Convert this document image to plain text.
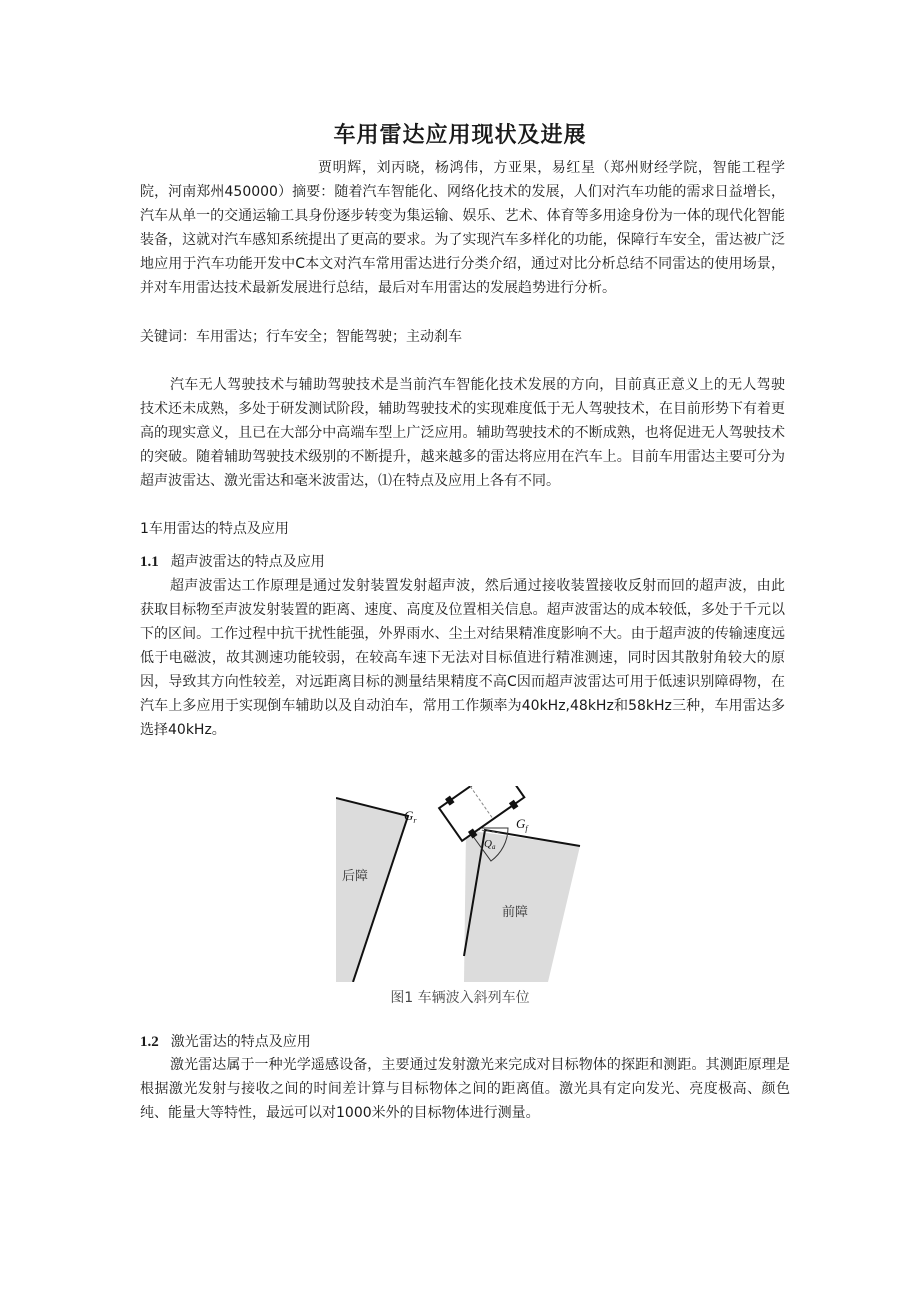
车用雷达应用现状及进展
贾明辉，刘丙晓，杨鸿伟，方亚果，易红星（郑州财经学院，智能工程学院，河南郑州450000）摘要：随着汽车智能化、网络化技术的发展，人们对汽车功能的需求日益增长，汽车从单一的交通运输工具身份逐步转变为集运输、娱乐、艺术、体育等多用途身份为一体的现代化智能装备，这就对汽车感知系统提出了更高的要求。为了实现汽车多样化的功能，保障行车安全，雷达被广泛地应用于汽车功能开发中C本文对汽车常用雷达进行分类介绍，通过对比分析总结不同雷达的使用场景，并对车用雷达技术最新发展进行总结，最后对车用雷达的发展趋势进行分析。
关键词：车用雷达；行车安全；智能驾驶；主动刹车
汽车无人驾驶技术与辅助驾驶技术是当前汽车智能化技术发展的方向，目前真正意义上的无人驾驶技术还未成熟，多处于研发测试阶段，辅助驾驶技术的实现难度低于无人驾驶技术，在目前形势下有着更高的现实意义，且已在大部分中高端车型上广泛应用。辅助驾驶技术的不断成熟，也将促进无人驾驶技术的突破。随着辅助驾驶技术级别的不断提升，越来越多的雷达将应用在汽车上。目前车用雷达主要可分为超声波雷达、激光雷达和毫米波雷达，⑴在特点及应用上各有不同。
1车用雷达的特点及应用
1.1 超声波雷达的特点及应用
超声波雷达工作原理是通过发射装置发射超声波，然后通过接收装置接收反射而回的超声波，由此获取目标物至声波发射装置的距离、速度、高度及位置相关信息。超声波雷达的成本较低，多处于千元以下的区间。工作过程中抗干扰性能强，外界雨水、尘土对结果精准度影响不大。由于超声波的传输速度远低于电磁波，故其测速功能较弱，在较高车速下无法对目标值进行精准测速，同时因其散射角较大的原因，导致其方向性较差，对远距离目标的测量结果精度不高C因而超声波雷达可用于低速识别障碍物，在汽车上多应用于实现倒车辅助以及自动泊车，常用工作频率为40kHz,48kHz和58kHz三种，车用雷达多选择40kHz。
$G_r$	$G_f$
Qa
后障
前障
图1 车辆波入斜列车位
1.2 激光雷达的特点及应用
激光雷达属于一种光学遥感设备，主要通过发射激光来完成对目标物体的探距和测距。其测距原理是根据激光发射与接收之间的时间差计算与目标物体之间的距离值。激光具有定向发光、亮度极高、颜色纯、能量大等特性，最远可以对1000米外的目标物体进行测量。
